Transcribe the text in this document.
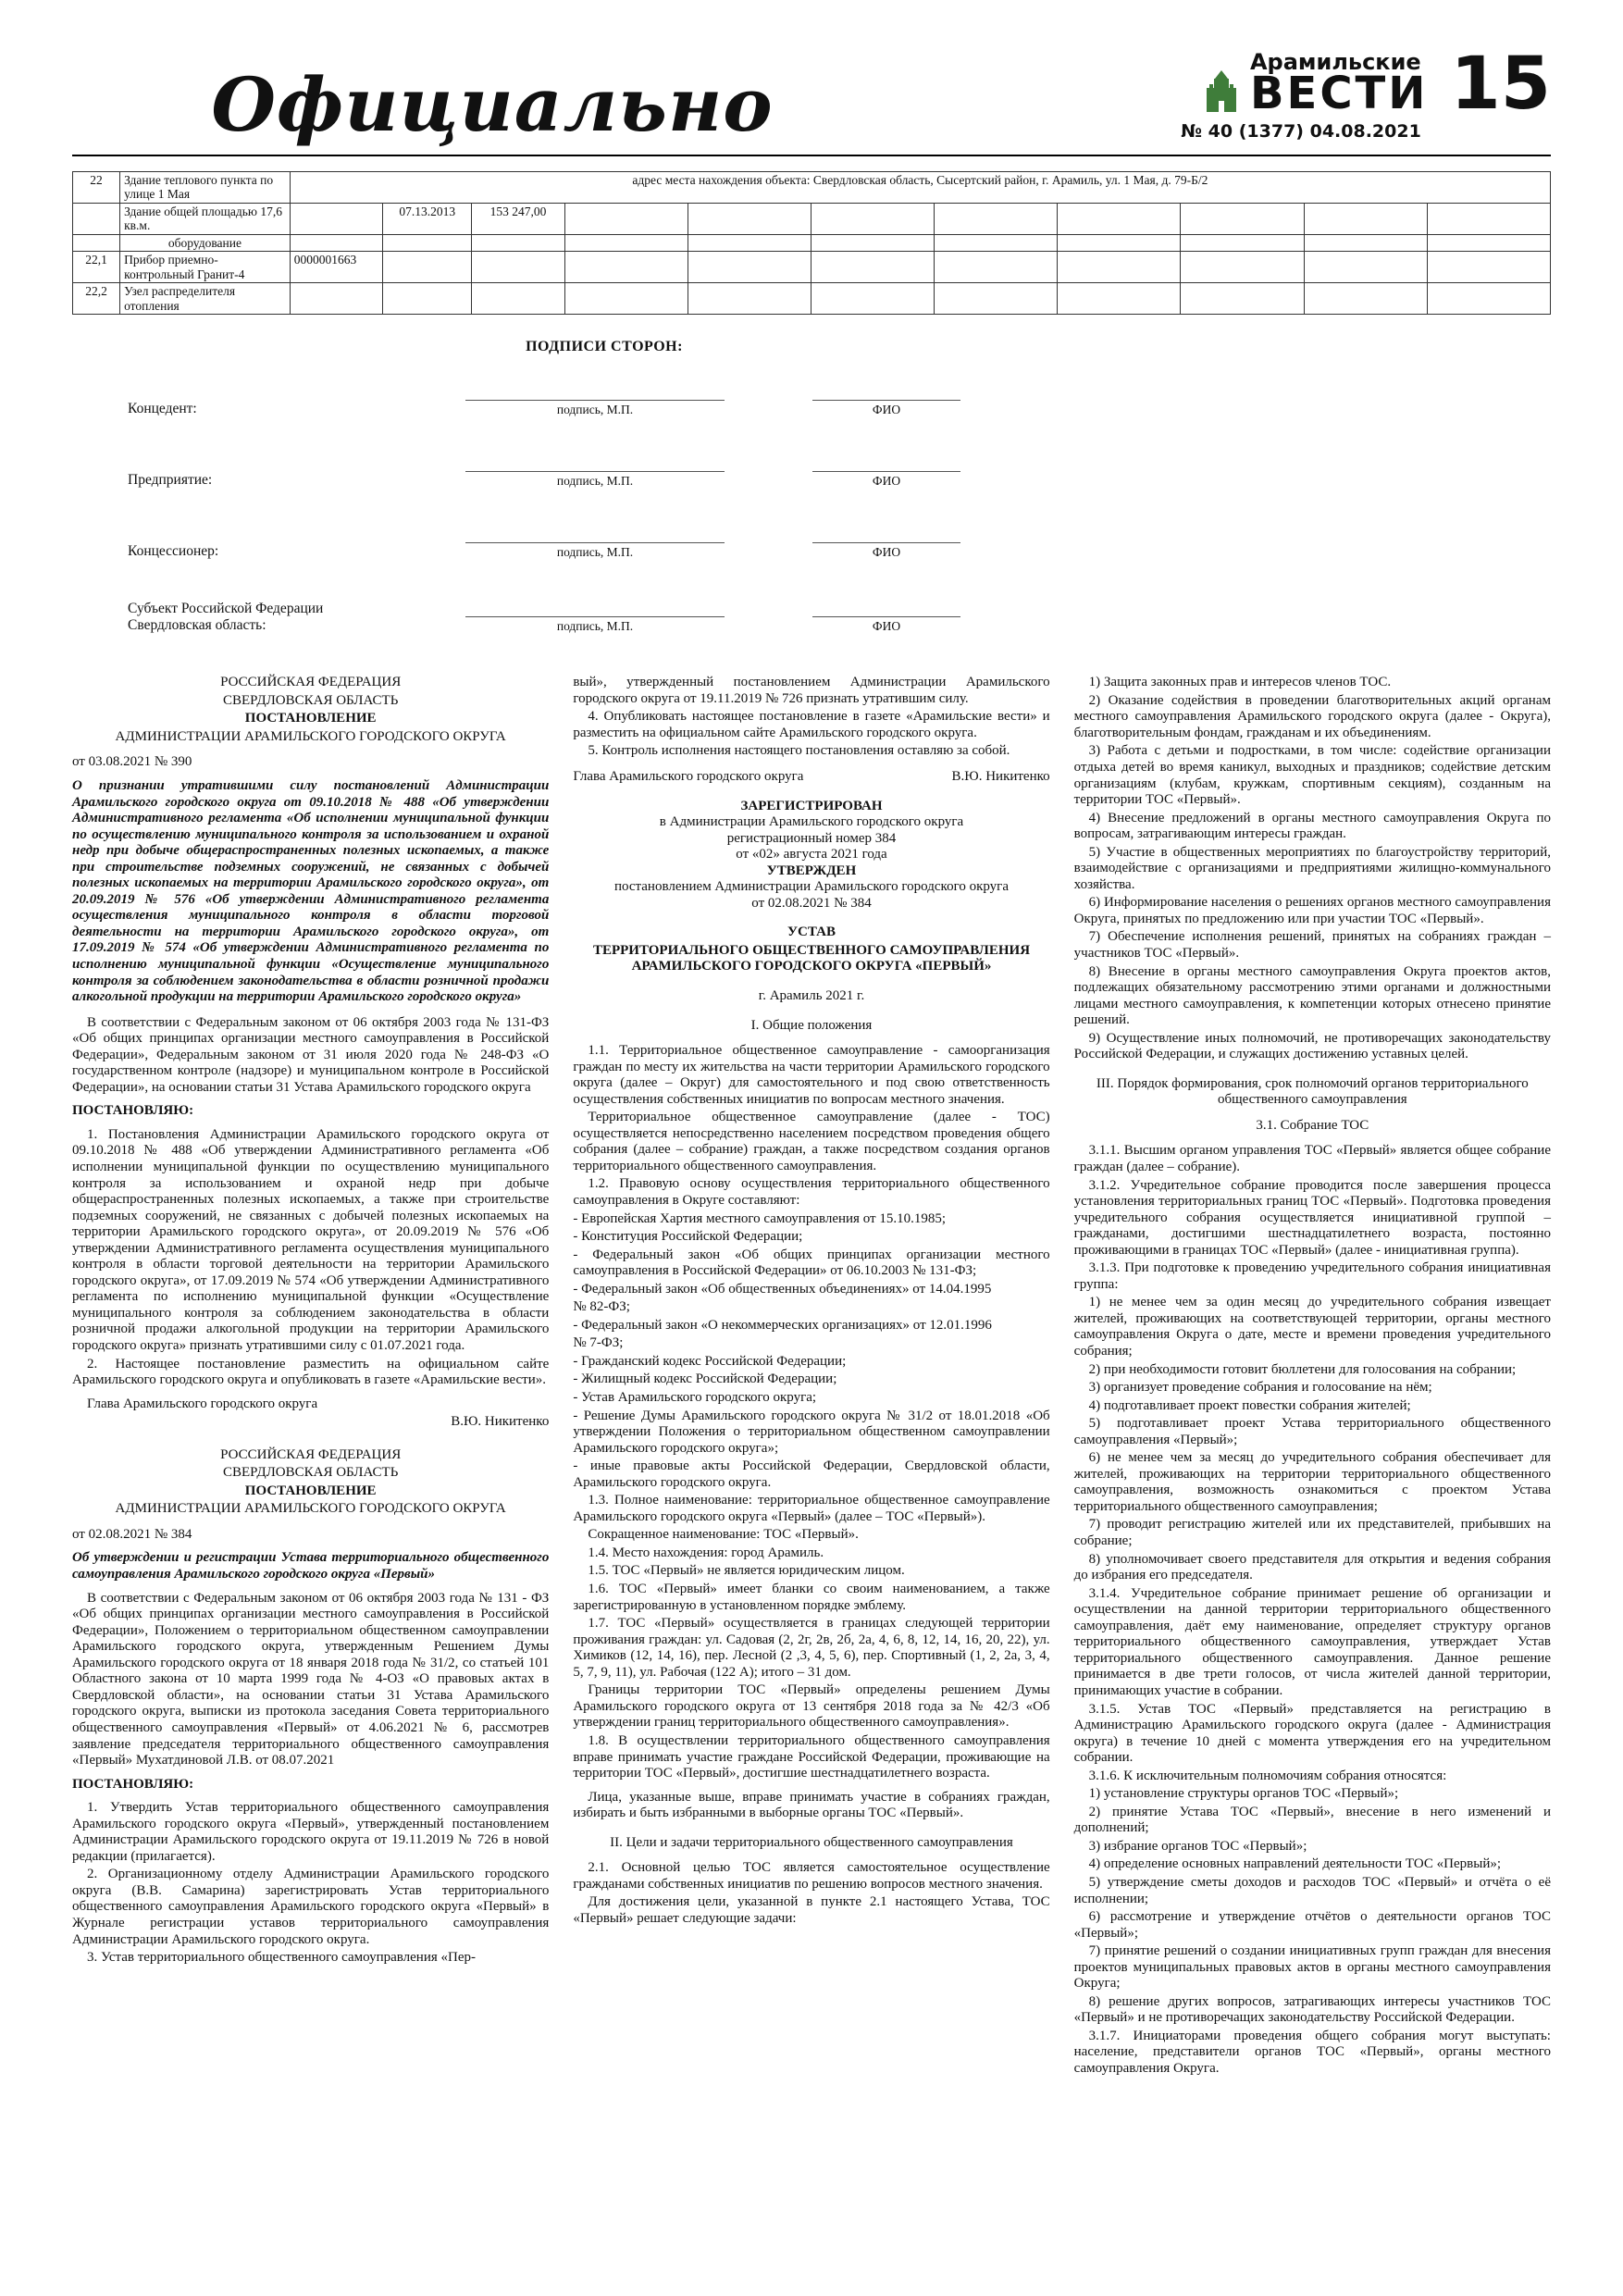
Официально	Арамильские
ВЕСТИ 15
№ 40 (1377) 04.08.2021
22	Здание теплового пункта по улице 1 Мая	адрес места нахождения объекта: Свердловская область, Сысертский район, г. Арамиль, ул. 1 Мая, д. 79-Б/2										
	Здание общей площадью 17,6 кв.м.		07.13.2013	153 247,00								
	оборудование											
22,1	Прибор приемно-контрольный Гранит-4	0000001663										
22,2	Узел распределителя отопления											
ПОДПИСИ СТОРОН:
Концедент:	подпись, М.П.	ФИО
Предприятие:	подпись, М.П.	ФИО
Концессионер:	подпись, М.П.	ФИО
Субъект Российской Федерации
Свердловская область:	подпись, М.П.	ФИО
РОССИЙСКАЯ ФЕДЕРАЦИЯ
СВЕРДЛОВСКАЯ ОБЛАСТЬ
ПОСТАНОВЛЕНИЕ
АДМИНИСТРАЦИИ АРАМИЛЬСКОГО ГОРОДСКОГО ОКРУГА
от 03.08.2021 № 390
О признании утратившими силу постановлений Администрации Арамильского городского округа от 09.10.2018 № 488 «Об утверждении Административного регламента «Об исполнении муниципальной функции по осуществлению муниципального контроля за использованием и охраной недр при добыче общераспространенных полезных ископаемых, а также при строительстве подземных сооружений, не связанных с добычей полезных ископаемых на территории Арамильского городского округа», от 20.09.2019 № 576 «Об утверждении Административного регламента осуществления муниципального контроля в области торговой деятельности на территории Арамильского городского округа», от 17.09.2019 № 574 «Об утверждении Административного регламента по исполнению муниципальной функции «Осуществление муниципального контроля за соблюдением законодательства в области розничной продажи алкогольной продукции на территории Арамильского городского округа»
В соответствии с Федеральным законом от 06 октября 2003 года № 131-ФЗ «Об общих принципах организации местного самоуправления в Российской Федерации», Федеральным законом от 31 июля 2020 года № 248-ФЗ «О государственном контроле (надзоре) и муниципальном контроле в Российской Федерации», на основании статьи 31 Устава Арамильского городского округа
ПОСТАНОВЛЯЮ:
1. Постановления Администрации Арамильского городского округа от 09.10.2018 № 488 «Об утверждении Административного регламента «Об исполнении муниципальной функции по осуществлению муниципального контроля за использованием и охраной недр при добыче общераспространенных полезных ископаемых, а также при строительстве подземных сооружений, не связанных с добычей полезных ископаемых на территории Арамильского городского округа», от 20.09.2019 № 576 «Об утверждении Административного регламента осуществления муниципального контроля в области торговой деятельности на территории Арамильского городского округа», от 17.09.2019 № 574 «Об утверждении Административного регламента по исполнению муниципальной функции «Осуществление муниципального контроля за соблюдением законодательства в области розничной продажи алкогольной продукции на территории Арамильского городского округа» признать утратившими силу с 01.07.2021 года.
2. Настоящее постановление разместить на официальном сайте Арамильского городского округа и опубликовать в газете «Арамильские вести».
Глава Арамильского городского округа
В.Ю. Никитенко
РОССИЙСКАЯ ФЕДЕРАЦИЯ
СВЕРДЛОВСКАЯ ОБЛАСТЬ
ПОСТАНОВЛЕНИЕ
АДМИНИСТРАЦИИ АРАМИЛЬСКОГО ГОРОДСКОГО ОКРУГА
от 02.08.2021 № 384
Об утверждении и регистрации Устава территориального общественного самоуправления Арамильского городского округа «Первый»
В соответствии с Федеральным законом от 06 октября 2003 года № 131 - ФЗ «Об общих принципах организации местного самоуправления в Российской Федерации», Положением о территориальном общественном самоуправлении Арамильского городского округа, утвержденным Решением Думы Арамильского городского округа от 18 января 2018 года № 31/2, со статьей 101 Областного закона от 10 марта 1999 года № 4-ОЗ «О правовых актах в Свердловской области», на основании статьи 31 Устава Арамильского городского округа, выписки из протокола заседания Совета территориального общественного самоуправления «Первый» от 4.06.2021 № 6, рассмотрев заявление председателя территориального общественного самоуправления «Первый» Мухатдиновой Л.В. от 08.07.2021
ПОСТАНОВЛЯЮ:
1. Утвердить Устав территориального общественного самоуправления Арамильского городского округа «Первый», утвержденный постановлением Администрации Арамильского городского округа от 19.11.2019 № 726 в новой редакции (прилагается).
2. Организационному отделу Администрации Арамильского городского округа (В.В. Самарина) зарегистрировать Устав территориального общественного самоуправления Арамильского городского округа «Первый» в Журнале регистрации уставов территориального самоуправления Администрации Арамильского городского округа.
3. Устав территориального общественного самоуправления «Пер-
вый», утвержденный постановлением Администрации Арамильского городского округа от 19.11.2019 № 726 признать утратившим силу.
4. Опубликовать настоящее постановление в газете «Арамильские вести» и разместить на официальном сайте Арамильского городского округа.
5. Контроль исполнения настоящего постановления оставляю за собой.
Глава Арамильского городского округа	В.Ю. Никитенко
ЗАРЕГИСТРИРОВАН
в Администрации Арамильского городского округа
регистрационный номер 384
от «02» августа 2021 года
УТВЕРЖДЕН
постановлением Администрации Арамильского городского округа
от 02.08.2021 № 384
УСТАВ
ТЕРРИТОРИАЛЬНОГО ОБЩЕСТВЕННОГО САМОУПРАВЛЕНИЯ АРАМИЛЬСКОГО ГОРОДСКОГО ОКРУГА «ПЕРВЫЙ»
г. Арамиль 2021 г.
I. Общие положения
1.1. Территориальное общественное самоуправление - самоорганизация граждан по месту их жительства на части территории Арамильского городского округа (далее – Округ) для самостоятельного и под свою ответственность осуществления собственных инициатив по вопросам местного значения.
Территориальное общественное самоуправление (далее - ТОС) осуществляется непосредственно населением посредством проведения общего собрания (далее – собрание) граждан, а также посредством создания органов территориального общественного самоуправления.
1.2. Правовую основу осуществления территориального общественного самоуправления в Округе составляют:
- Европейская Хартия местного самоуправления от 15.10.1985;
- Конституция Российской Федерации;
- Федеральный закон «Об общих принципах организации местного самоуправления в Российской Федерации» от 06.10.2003 № 131-ФЗ;
- Федеральный закон «Об общественных объединениях» от 14.04.1995
№ 82-ФЗ;
- Федеральный закон «О некоммерческих организациях» от 12.01.1996
№ 7-ФЗ;
- Гражданский кодекс Российской Федерации;
- Жилищный кодекс Российской Федерации;
- Устав Арамильского городского округа;
- Решение Думы Арамильского городского округа № 31/2 от 18.01.2018 «Об утверждении Положения о территориальном общественном самоуправлении Арамильского городского округа»;
- иные правовые акты Российской Федерации, Свердловской области, Арамильского городского округа.
1.3. Полное наименование: территориальное общественное самоуправление Арамильского городского округа «Первый» (далее – ТОС «Первый»).
Сокращенное наименование: ТОС «Первый».
1.4. Место нахождения: город Арамиль.
1.5. ТОС «Первый» не является юридическим лицом.
1.6. ТОС «Первый» имеет бланки со своим наименованием, а также зарегистрированную в установленном порядке эмблему.
1.7. ТОС «Первый» осуществляется в границах следующей территории проживания граждан: ул. Садовая (2, 2г, 2в, 2б, 2а, 4, 6, 8, 12, 14, 16, 20, 22), ул. Химиков (12, 14, 16), пер. Лесной (2 ,3, 4, 5, 6), пер. Спортивный (1, 2, 2а, 3, 4, 5, 7, 9, 11), ул. Рабочая (122 А); итого – 31 дом.
Границы территории ТОС «Первый» определены решением Думы Арамильского городского округа от 13 сентября 2018 года за № 42/3 «Об утверждении границ территориального общественного самоуправления».
1.8. В осуществлении территориального общественного самоуправления вправе принимать участие граждане Российской Федерации, проживающие на территории ТОС «Первый», достигшие шестнадцатилетнего возраста.
Лица, указанные выше, вправе принимать участие в собраниях граждан, избирать и быть избранными в выборные органы ТОС «Первый».
II. Цели и задачи территориального общественного самоуправления
2.1. Основной целью ТОС является самостоятельное осуществление гражданами собственных инициатив по решению вопросов местного значения.
Для достижения цели, указанной в пункте 2.1 настоящего Устава, ТОС «Первый» решает следующие задачи:
1) Защита законных прав и интересов членов ТОС.
2) Оказание содействия в проведении благотворительных акций органам местного самоуправления Арамильского городского округа (далее - Округа), благотворительным фондам, гражданам и их объединениям.
3) Работа с детьми и подростками, в том числе: содействие организации отдыха детей во время каникул, выходных и праздников; содействие детским организациям (клубам, кружкам, спортивным секциям), созданным на территории ТОС «Первый».
4) Внесение предложений в органы местного самоуправления Округа по вопросам, затрагивающим интересы граждан.
5) Участие в общественных мероприятиях по благоустройству территорий, взаимодействие с организациями и предприятиями жилищно-коммунального хозяйства.
6) Информирование населения о решениях органов местного самоуправления Округа, принятых по предложению или при участии ТОС «Первый».
7) Обеспечение исполнения решений, принятых на собраниях граждан – участников ТОС «Первый».
8) Внесение в органы местного самоуправления Округа проектов актов, подлежащих обязательному рассмотрению этими органами и должностными лицами местного самоуправления, к компетенции которых отнесено принятие решений.
9) Осуществление иных полномочий, не противоречащих законодательству Российской Федерации, и служащих достижению уставных целей.
III. Порядок формирования, срок полномочий органов территориального общественного самоуправления
3.1. Собрание ТОС
3.1.1. Высшим органом управления ТОС «Первый» является общее собрание граждан (далее – собрание).
3.1.2. Учредительное собрание проводится после завершения процесса установления территориальных границ ТОС «Первый». Подготовка проведения учредительного собрания осуществляется инициативной группой – гражданами, достигшими шестнадцатилетнего возраста, постоянно проживающими в границах ТОС «Первый» (далее - инициативная группа).
3.1.3. При подготовке к проведению учредительного собрания инициативная группа:
1) не менее чем за один месяц до учредительного собрания извещает жителей, проживающих на соответствующей территории, органы местного самоуправления Округа о дате, месте и времени проведения учредительного собрания;
2) при необходимости готовит бюллетени для голосования на собрании;
3) организует проведение собрания и голосование на нём;
4) подготавливает проект повестки собрания жителей;
5) подготавливает проект Устава территориального общественного самоуправления «Первый»;
6) не менее чем за месяц до учредительного собрания обеспечивает для жителей, проживающих на территории территориального общественного самоуправления, возможность ознакомиться с проектом Устава территориального общественного самоуправления;
7) проводит регистрацию жителей или их представителей, прибывших на собрание;
8) уполномочивает своего представителя для открытия и ведения собрания до избрания его председателя.
3.1.4. Учредительное собрание принимает решение об организации и осуществлении на данной территории территориального общественного самоуправления, даёт ему наименование, определяет структуру органов территориального общественного самоуправления, утверждает Устав территориального общественного самоуправления. Данное решение принимается в две трети голосов, от числа жителей данной территории, принимающих участие в собрании.
3.1.5. Устав ТОС «Первый» представляется на регистрацию в Администрацию Арамильского городского округа (далее - Администрация округа) в течение 10 дней с момента утверждения его на учредительном собрании.
3.1.6. К исключительным полномочиям собрания относятся:
1) установление структуры органов ТОС «Первый»;
2) принятие Устава ТОС «Первый», внесение в него изменений и дополнений;
3) избрание органов ТОС «Первый»;
4) определение основных направлений деятельности ТОС «Первый»;
5) утверждение сметы доходов и расходов ТОС «Первый» и отчёта о её исполнении;
6) рассмотрение и утверждение отчётов о деятельности органов ТОС «Первый»;
7) принятие решений о создании инициативных групп граждан для внесения проектов муниципальных правовых актов в органы местного самоуправления Округа;
8) решение других вопросов, затрагивающих интересы участников ТОС «Первый» и не противоречащих законодательству Российской Федерации.
3.1.7. Инициаторами проведения общего собрания могут выступать: население, представители органов ТОС «Первый», органы местного самоуправления Округа.
